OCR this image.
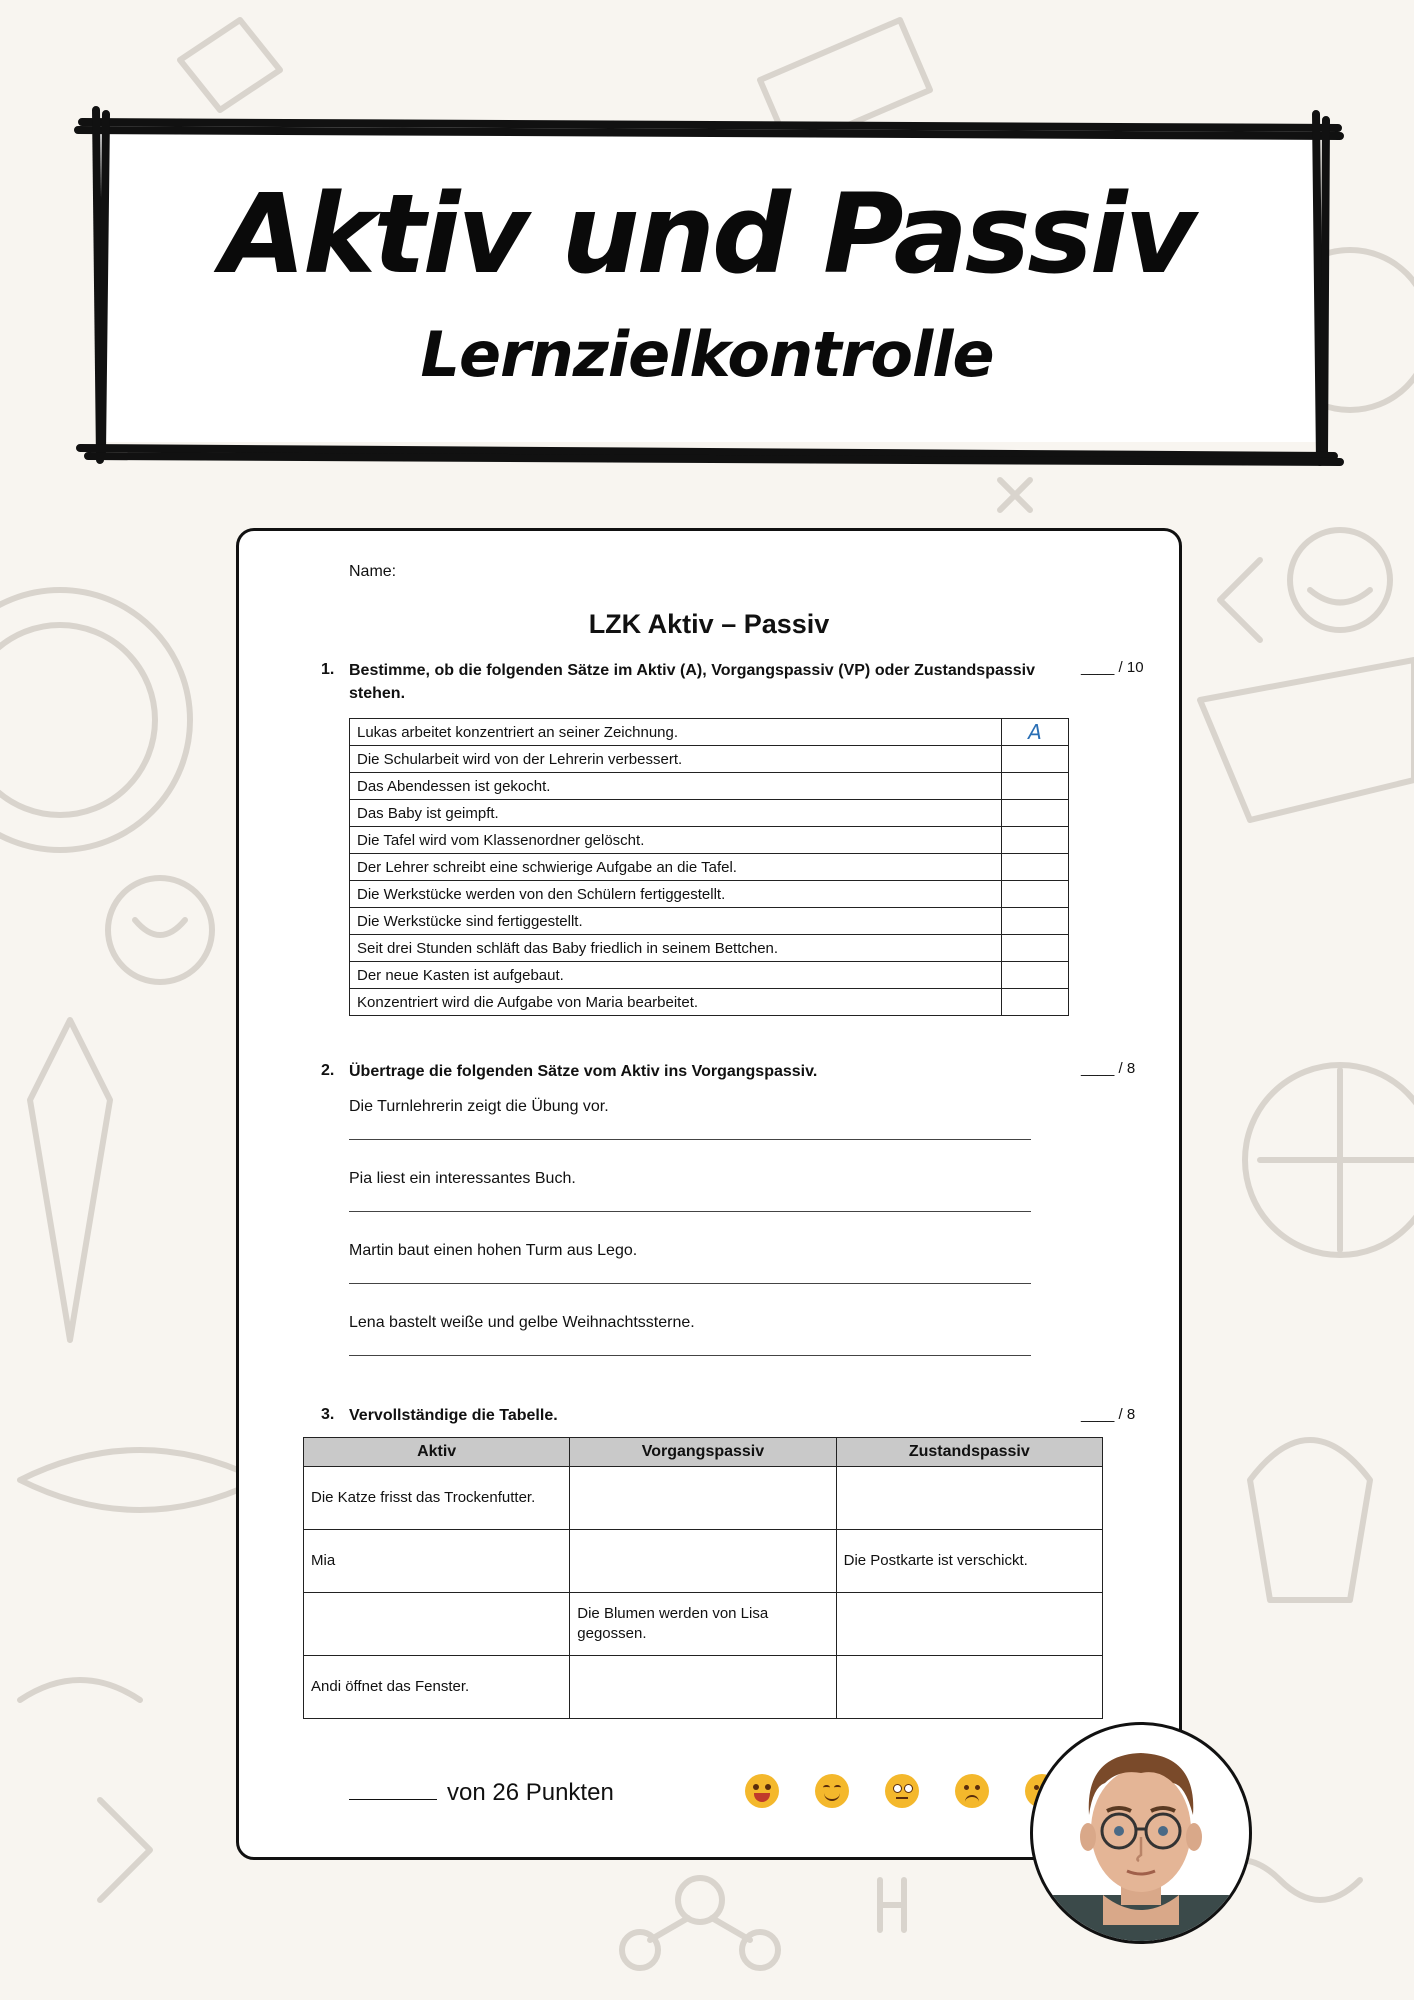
Aktiv und Passiv
Lernzielkontrolle
Name:
LZK Aktiv – Passiv
1. Bestimme, ob die folgenden Sätze im Aktiv (A), Vorgangspassiv (VP) oder Zustandspassiv stehen.
____ / 10
Lukas arbeitet konzentriert an seiner Zeichnung.	A
Die Schularbeit wird von der Lehrerin verbessert.	
Das Abendessen ist gekocht.	
Das Baby ist geimpft.	
Die Tafel wird vom Klassenordner gelöscht.	
Der Lehrer schreibt eine schwierige Aufgabe an die Tafel.	
Die Werkstücke werden von den Schülern fertiggestellt.	
Die Werkstücke sind fertiggestellt.	
Seit drei Stunden schläft das Baby friedlich in seinem Bettchen.	
Der neue Kasten ist aufgebaut.	
Konzentriert wird die Aufgabe von Maria bearbeitet.	
2. Übertrage die folgenden Sätze vom Aktiv ins Vorgangspassiv.	____ / 8
Die Turnlehrerin zeigt die Übung vor.
Pia liest ein interessantes Buch.
Martin baut einen hohen Turm aus Lego.
Lena bastelt weiße und gelbe Weihnachtssterne.
3. Vervollständige die Tabelle.	____ / 8
Aktiv	Vorgangspassiv	Zustandspassiv
Die Katze frisst das Trockenfutter.		
Mia		Die Postkarte ist verschickt.
	Die Blumen werden von Lisa gegossen.	
Andi öffnet das Fenster.		
von 26 Punkten
